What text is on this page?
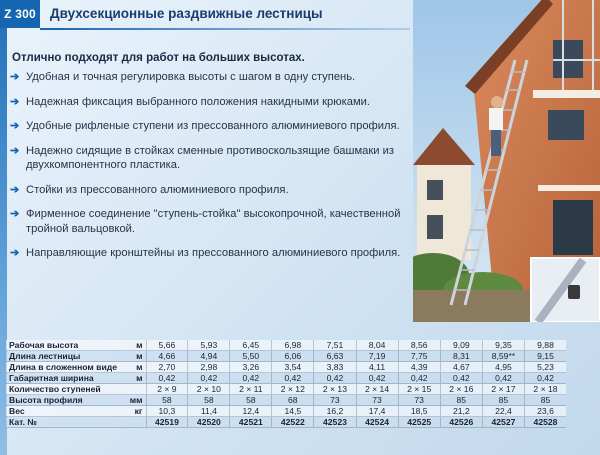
Z 300	Двухсекционные раздвижные лестницы
Отлично подходят для работ на больших высотах.
➔ Удобная и точная регулировка высоты с шагом в одну ступень.
➔ Надежная фиксация выбранного положения накидными крюками.
➔ Удобные рифленые ступени из прессованного алюминиевого профиля.
➔ Надежно сидящие в стойках сменные противоскользящие башмаки из двухкомпонентного пластика.
➔ Стойки из прессованного алюминиевого профиля.
➔ Фирменное соединение "ступень-стойка" высокопрочной, качественной тройной вальцовкой.
➔ Направляющие кронштейны из прессованного алюминиевого профиля.
Рабочая высота	м	5,66	5,93	6,45	6,98	7,51	8,04	8,56	9,09	9,35	9,88
Длина лестницы	м	4,66	4,94	5,50	6,06	6,63	7,19	7,75	8,31	8,59**	9,15
Длина в сложенном виде	м	2,70	2,98	3,26	3,54	3,83	4,11	4,39	4,67	4,95	5,23
Габаритная ширина	м	0,42	0,42	0,42	0,42	0,42	0,42	0,42	0,42	0,42	0,42
Количество ступеней		2 × 9	2 × 10	2 × 11	2 × 12	2 × 13	2 × 14	2 × 15	2 × 16	2 × 17	2 × 18
Высота профиля	мм	58	58	58	68	73	73	73	85	85	85
Вес	кг	10,3	11,4	12,4	14,5	16,2	17,4	18,5	21,2	22,4	23,6
Кат. №		42519	42520	42521	42522	42523	42524	42525	42526	42527	42528
